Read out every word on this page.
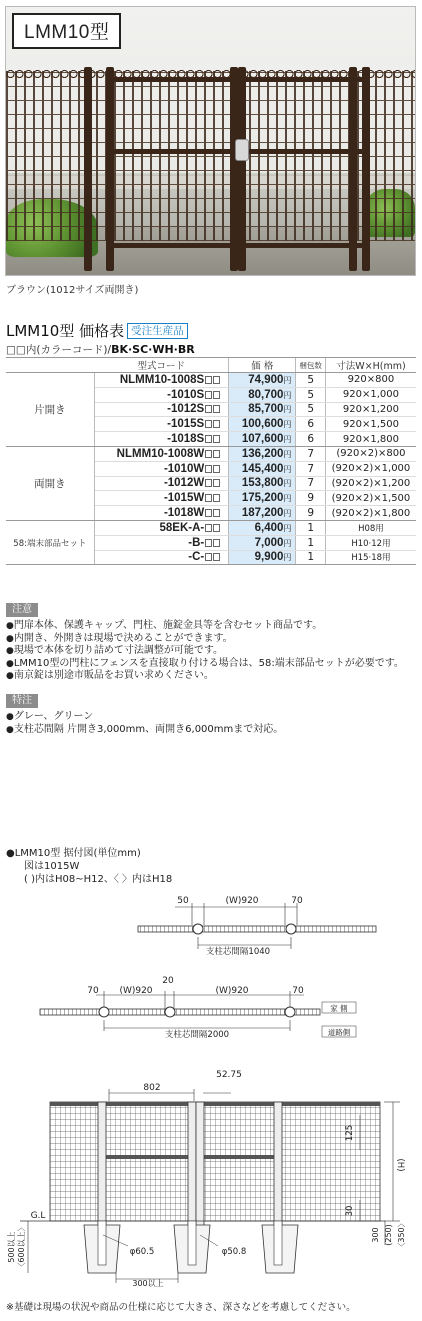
LMM10型
ブラウン(1012サイズ両開き)
LMM10型 価格表 受注生産品
□□内(カラーコード)/BK·SC·WH·BR
	型式コード	価 格	梱包数	寸法W×H(mm)
片開き	NLMM10-1008S	74,900円	5	920×800
	-1010S	80,700円	5	920×1,000
	-1012S	85,700円	5	920×1,200
	-1015S	100,600円	6	920×1,500
	-1018S	107,600円	6	920×1,800
両開き	NLMM10-1008W	136,200円	7	(920×2)×800
	-1010W	145,400円	7	(920×2)×1,000
	-1012W	153,800円	7	(920×2)×1,200
	-1015W	175,200円	9	(920×2)×1,500
	-1018W	187,200円	9	(920×2)×1,800
58:端末部品セット	58EK-A-	6,400円	1	H08用
	-B-	7,000円	1	H10·12用
	-C-	9,900円	1	H15·18用
注意
● 門扉本体、保護キャップ、門柱、施錠金具等を含むセット商品です。
● 内開き、外開きは現場で決めることができます。
● 現場で本体を切り詰めて寸法調整が可能です。
● LMM10型の門柱にフェンスを直接取り付ける場合は、58:端末部品セットが必要です。
● 南京錠は別途市販品をお買い求めください。
特注
● グレー、グリーン
● 支柱芯間隔 片開き3,000mm、両開き6,000mmまで対応。
●LMM10型 据付図(単位mm)
図は1015W
( )内はH08~H12、〈 〉内はH18
50	(W)920	70
支柱芯間隔1040
70 (W)920
20
(W)920	70
家 側
支柱芯間隔2000	道路側
802
52.75
(H)
125
30
G.L
φ60.5	φ50.8
500以上 〈600以上〉	300 (250) 〈350〉
300以上
※基礎は現場の状況や商品の仕様に応じて大きさ、深さなどを考慮してください。
